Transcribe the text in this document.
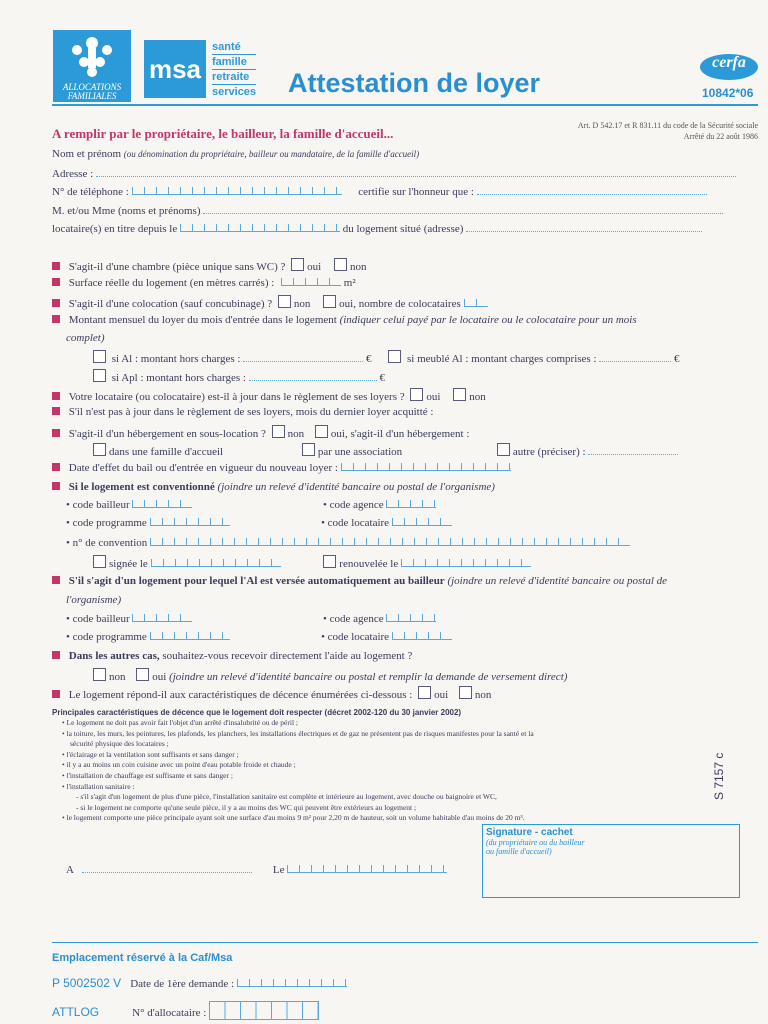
ALLOCATIONS FAMILIALES
msa
santé
famille
retraite
services Attestation de loyer
cerfa
10842*06
A remplir par le propriétaire, le bailleur, la famille d'accueil...
Art. D 542.17 et R 831.11 du code de la Sécurité sociale
Arrêté du 22 août 1986
Nom et prénom (ou dénomination du propriétaire, bailleur ou mandataire, de la famille d'accueil)
Adresse :
N° de téléphone :	certifie sur l'honneur que :
M. et/ou Mme (noms et prénoms)
locataire(s) en titre depuis le	du logement situé (adresse)
S'agit-il d'une chambre (pièce unique sans WC) ? oui	non
Surface réelle du logement (en mètres carrés) :	m²
S'agit-il d'une colocation (sauf concubinage) ? non	oui, nombre de colocataires
Montant mensuel du loyer du mois d'entrée dans le logement (indiquer celui payé par le locataire ou le colocataire pour un mois
complet)
si Al : montant hors charges :	€	si meublé Al : montant charges comprises :	€
si Apl : montant hors charges :	€
Votre locataire (ou colocataire) est-il à jour dans le règlement de ses loyers ? oui	non
S'il n'est pas à jour dans le règlement de ses loyers, mois du dernier loyer acquitté :
S'agit-il d'un hébergement en sous-location ? non oui, s'agit-il d'un hébergement :
dans une famille d'accueil	par une association	autre (préciser) :
Date d'effet du bail ou d'entrée en vigueur du nouveau loyer :
Si le logement est conventionné (joindre un relevé d'identité bancaire ou postal de l'organisme)
• code bailleur	• code agence
• code programme	• code locataire
• n° de convention
signée le	renouvelée le
S'il s'agit d'un logement pour lequel l'Al est versée automatiquement au bailleur (joindre un relevé d'identité bancaire ou postal de
l'organisme)
• code bailleur	• code agence
• code programme	• code locataire
Dans les autres cas, souhaitez-vous recevoir directement l'aide au logement ?
non oui (joindre un relevé d'identité bancaire ou postal et remplir la demande de versement direct)
Le logement répond-il aux caractéristiques de décence énumérées ci-dessous : oui non
Principales caractéristiques de décence que le logement doit respecter (décret 2002-120 du 30 janvier 2002)
• Le logement ne doit pas avoir fait l'objet d'un arrêté d'insalubrité ou de péril ;
• la toiture, les murs, les peintures, les plafonds, les planchers, les installations électriques et de gaz ne présentent pas de risques manifestes pour la santé et la
sécurité physique des locataires ;
• l'éclairage et la ventilation sont suffisants et sans danger ;
• il y a au moins un coin cuisine avec un point d'eau potable froide et chaude ;
• l'installation de chauffage est suffisante et sans danger ;
• l'installation sanitaire :
- s'il s'agit d'un logement de plus d'une pièce, l'installation sanitaire est complète et intérieure au logement, avec douche ou baignoire et WC,
- si le logement ne comporte qu'une seule pièce, il y a au moins des WC qui peuvent être extérieurs au logement ;
• le logement comporte une pièce principale ayant soit une surface d'au moins 9 m² pour 2,20 m de hauteur, soit un volume habitable d'au moins de 20 m³.
S 7157 c
A	Le
Signature - cachet
(du propriétaire ou du bailleur
ou famille d'accueil)
Emplacement réservé à la Caf/Msa
P 5002502 V Date de 1ère demande :
ATTLOG	N° d'allocataire :
